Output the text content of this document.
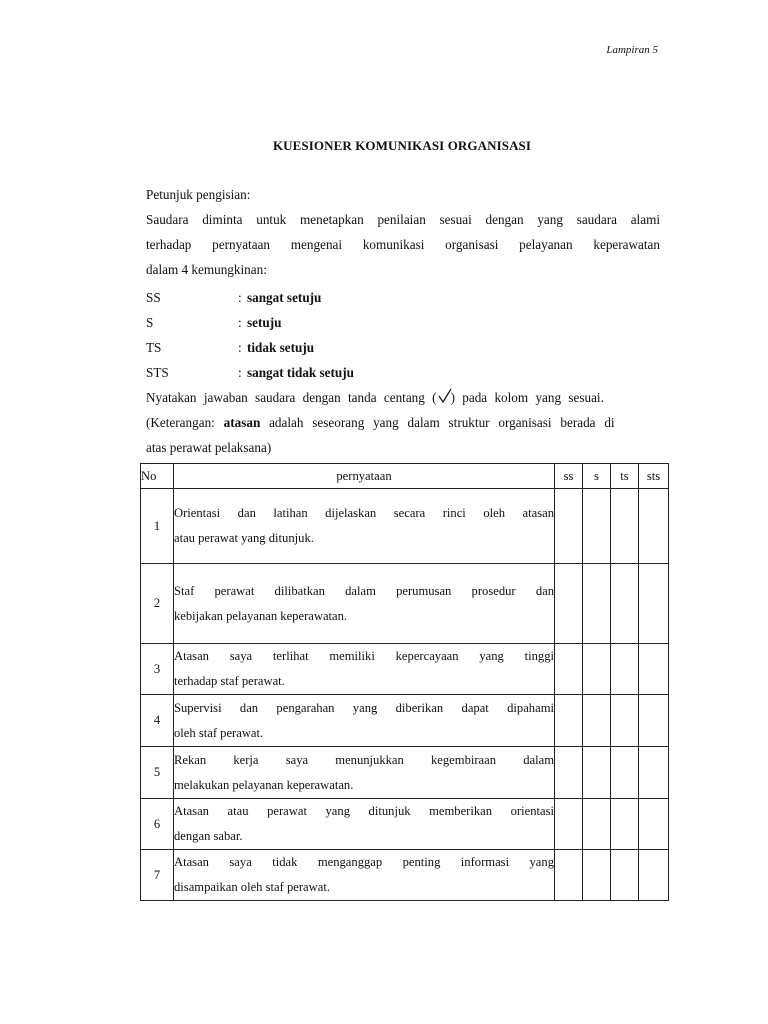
Lampiran 5
KUESIONER KOMUNIKASI ORGANISASI
Petunjuk pengisian:
Saudara diminta untuk menetapkan penilaian sesuai dengan yang saudara alami
terhadap pernyataan mengenai komunikasi organisasi pelayanan keperawatan
dalam 4 kemungkinan:
SS	: sangat setuju
S	: setuju
TS	: tidak setuju
STS	: sangat tidak setuju
Nyatakan jawaban saudara dengan tanda centang ( ) pada kolom yang sesuai.
(Keterangan: atasan adalah seseorang yang dalam struktur organisasi berada di
atas perawat pelaksana)
No	pernyataan	ss	s	ts	sts
1	Orientasi dan latihan dijelaskan secara rinci oleh atasan
atau perawat yang ditunjuk.				

2	Staf perawat dilibatkan dalam perumusan prosedur dan
kebijakan pelayanan keperawatan.				

3	Atasan saya terlihat memiliki kepercayaan yang tinggi
terhadap staf perawat.				

4	Supervisi dan pengarahan yang diberikan dapat dipahami
oleh staf perawat.				

5	Rekan kerja saya menunjukkan kegembiraan dalam
melakukan pelayanan keperawatan.				

6	Atasan atau perawat yang ditunjuk memberikan orientasi
dengan sabar.				

7	Atasan saya tidak menganggap penting informasi yang
disampaikan oleh staf perawat.				
